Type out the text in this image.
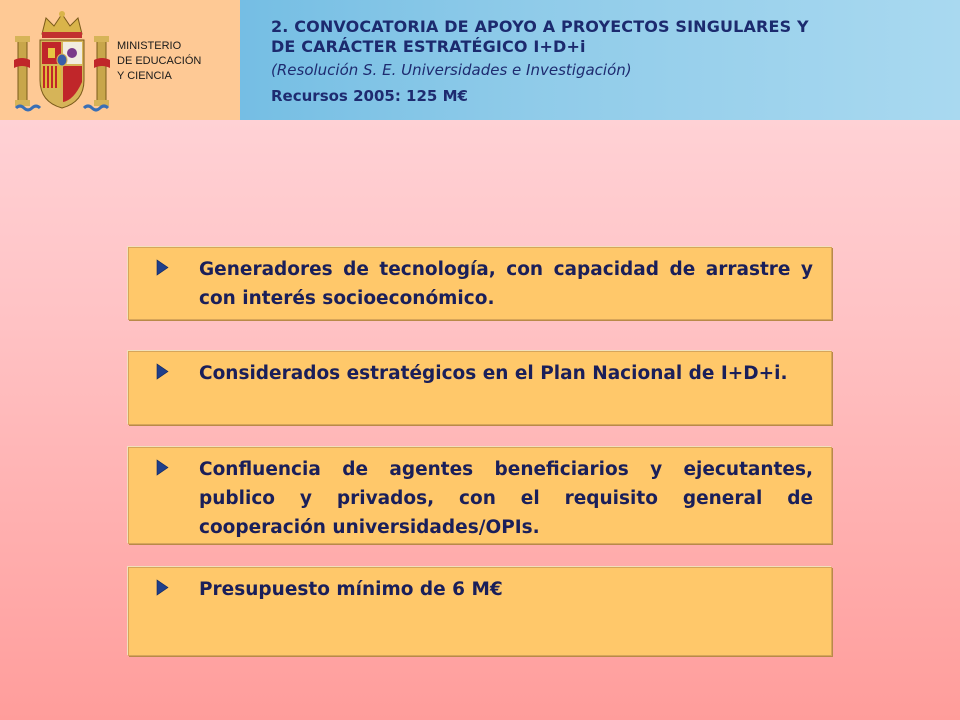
MINISTERIO
DE EDUCACIÓN
Y CIENCIA
2. CONVOCATORIA DE APOYO A PROYECTOS SINGULARES Y
DE CARÁCTER ESTRATÉGICO I+D+i
(Resolución S. E. Universidades e Investigación)
Recursos 2005: 125 M€
Generadores de tecnología, con capacidad de arrastre y con interés socioeconómico.
Considerados estratégicos en el Plan Nacional de I+D+i.
Confluencia de agentes beneficiarios y ejecutantes, publico y privados, con el requisito general de cooperación universidades/OPIs.
Presupuesto mínimo de 6 M€
